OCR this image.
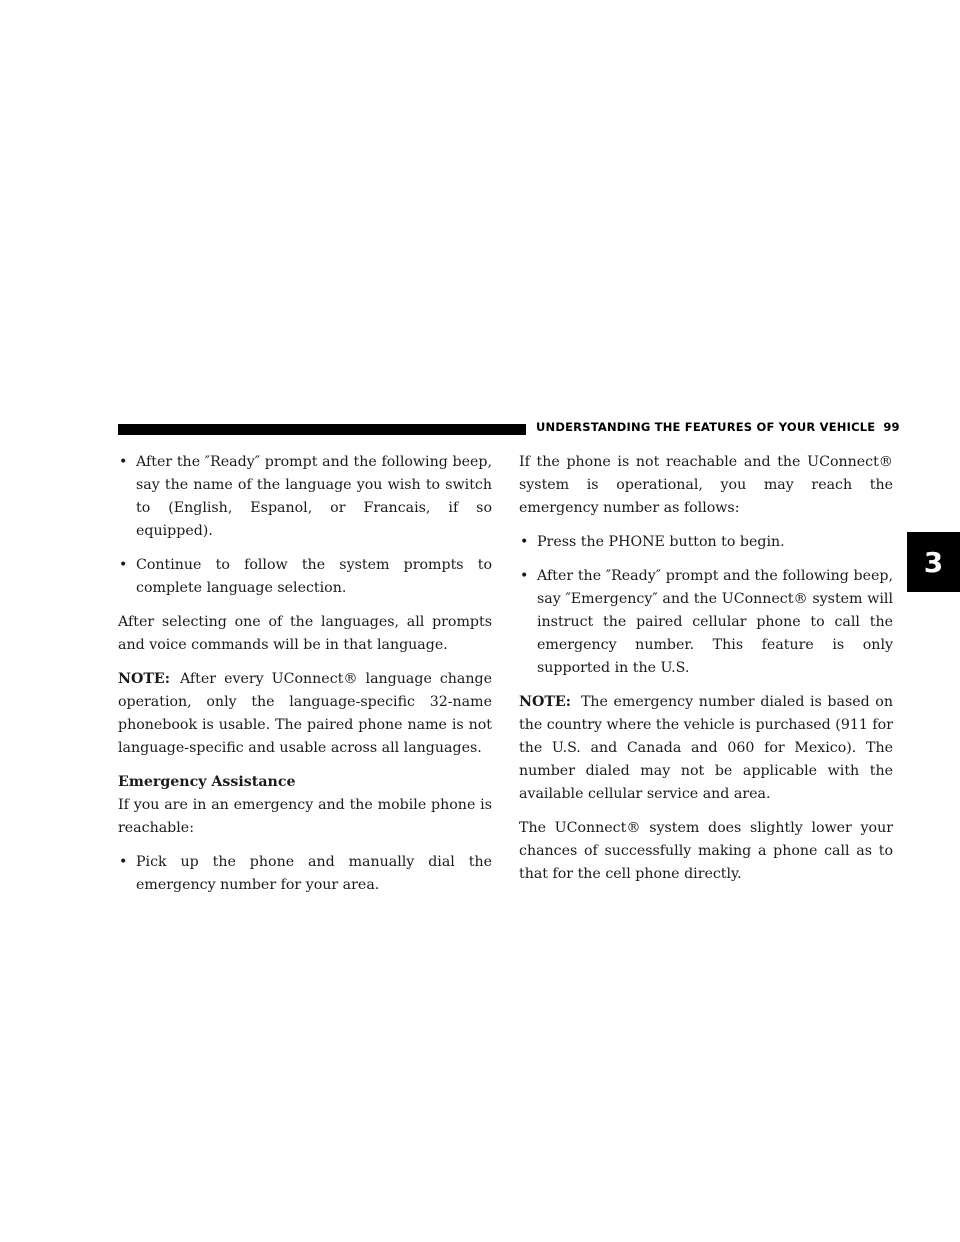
UNDERSTANDING THE FEATURES OF YOUR VEHICLE 99
3
• After the ″Ready″ prompt and the following beep, say the name of the language you wish to switch to (English, Espanol, or Francais, if so equipped).
• Continue to follow the system prompts to complete language selection.

After selecting one of the languages, all prompts and voice commands will be in that language.

NOTE: After every UConnect® language change operation, only the language-specific 32-name phonebook is usable. The paired phone name is not language-specific and usable across all languages.

Emergency Assistance

If you are in an emergency and the mobile phone is reachable:

• Pick up the phone and manually dial the emergency number for your area.

If the phone is not reachable and the UConnect® system is operational, you may reach the emergency number as follows:

• Press the PHONE button to begin.
• After the ″Ready″ prompt and the following beep, say ″Emergency″ and the UConnect® system will instruct the paired cellular phone to call the emergency number. This feature is only supported in the U.S.

NOTE: The emergency number dialed is based on the country where the vehicle is purchased (911 for the U.S. and Canada and 060 for Mexico). The number dialed may not be applicable with the available cellular service and area.

The UConnect® system does slightly lower your chances of successfully making a phone call as to that for the cell phone directly.
